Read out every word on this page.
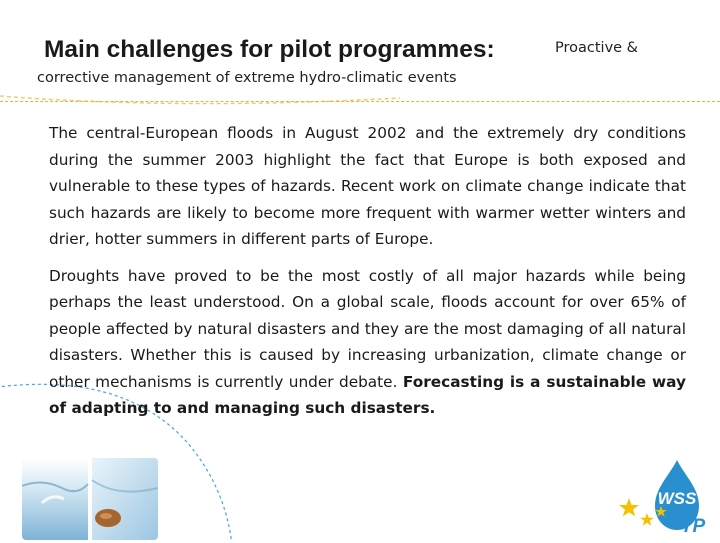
Main challenges for pilot programmes:	Proactive &
corrective management of extreme hydro-climatic events

The central-European floods in August 2002 and the extremely dry conditions during the summer 2003 highlight the fact that Europe is both exposed and vulnerable to these types of hazards. Recent work on climate change indicate that such hazards are likely to become more frequent with warmer wetter winters and drier, hotter summers in different parts of Europe.

Droughts have proved to be the most costly of all major hazards while being perhaps the least understood. On a global scale, floods account for over 65% of people affected by natural disasters and they are the most damaging of all natural disasters. Whether this is caused by increasing urbanization, climate change or other mechanisms is currently under debate. Forecasting is a sustainable way of adapting to and managing such disasters.

WSS
TP
